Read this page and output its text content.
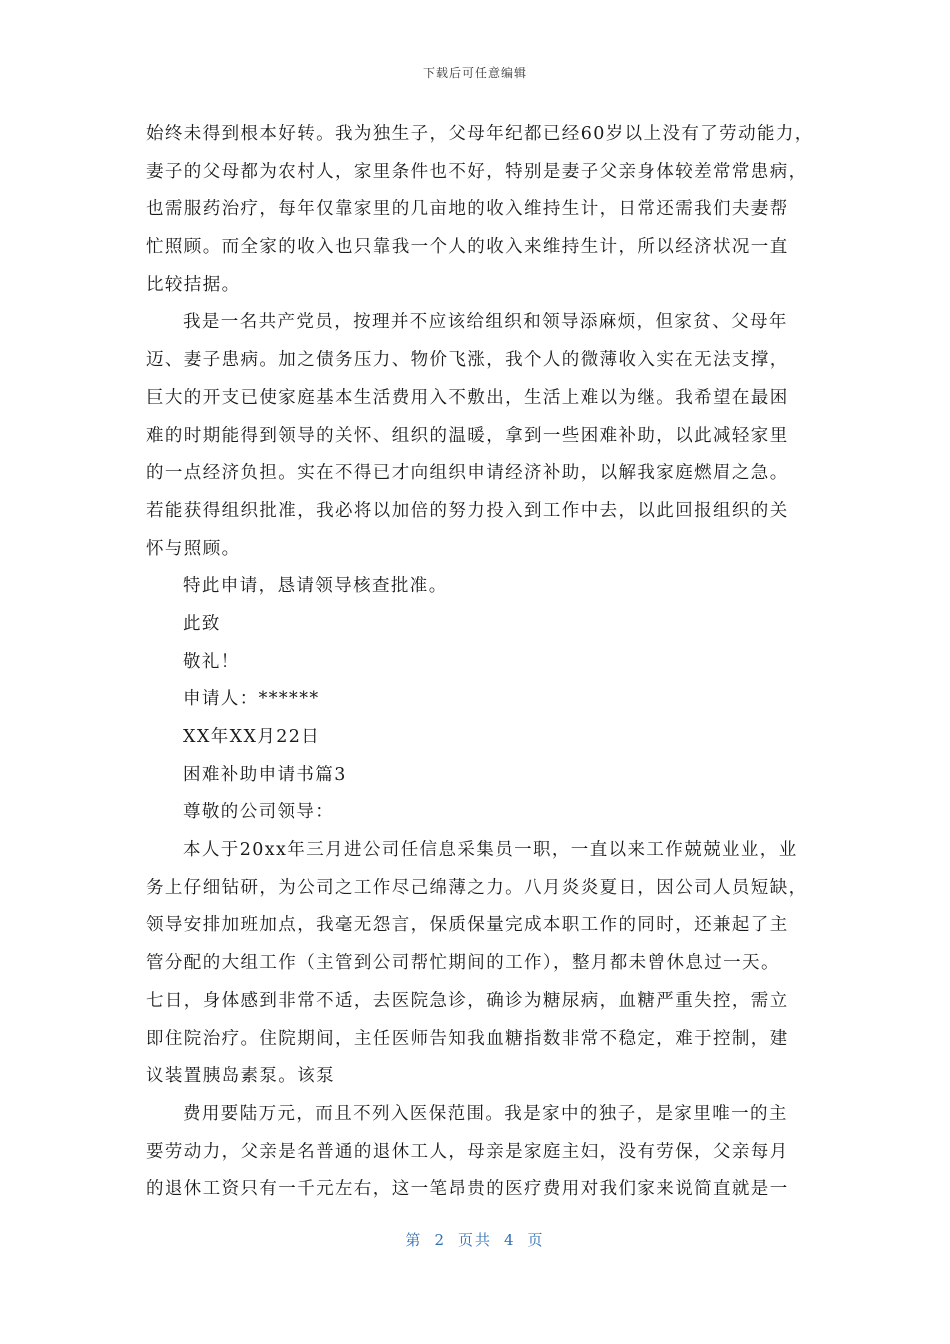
下载后可任意编辑
始终未得到根本好转。我为独生子，父母年纪都已经60岁以上没有了劳动能力，
妻子的父母都为农村人，家里条件也不好，特别是妻子父亲身体较差常常患病，
也需服药治疗，每年仅靠家里的几亩地的收入维持生计，日常还需我们夫妻帮
忙照顾。而全家的收入也只靠我一个人的收入来维持生计，所以经济状况一直
比较拮据。
我是一名共产党员，按理并不应该给组织和领导添麻烦，但家贫、父母年
迈、妻子患病。加之债务压力、物价飞涨，我个人的微薄收入实在无法支撑，
巨大的开支已使家庭基本生活费用入不敷出，生活上难以为继。我希望在最困
难的时期能得到领导的关怀、组织的温暖，拿到一些困难补助，以此减轻家里
的一点经济负担。实在不得已才向组织申请经济补助，以解我家庭燃眉之急。
若能获得组织批准，我必将以加倍的努力投入到工作中去，以此回报组织的关
怀与照顾。
特此申请，恳请领导核查批准。
此致
敬礼！
申请人：******
XX年XX月22日
困难补助申请书篇3
尊敬的公司领导：
本人于20xx年三月进公司任信息采集员一职，一直以来工作兢兢业业，业
务上仔细钻研，为公司之工作尽己绵薄之力。八月炎炎夏日，因公司人员短缺，
领导安排加班加点，我毫无怨言，保质保量完成本职工作的同时，还兼起了主
管分配的大组工作（主管到公司帮忙期间的工作），整月都未曾休息过一天。
七日，身体感到非常不适，去医院急诊，确诊为糖尿病，血糖严重失控，需立
即住院治疗。住院期间，主任医师告知我血糖指数非常不稳定，难于控制，建
议装置胰岛素泵。该泵
费用要陆万元，而且不列入医保范围。我是家中的独子，是家里唯一的主
要劳动力，父亲是名普通的退休工人，母亲是家庭主妇，没有劳保，父亲每月
的退休工资只有一千元左右，这一笔昂贵的医疗费用对我们家来说简直就是一
第 2 页共 4 页
